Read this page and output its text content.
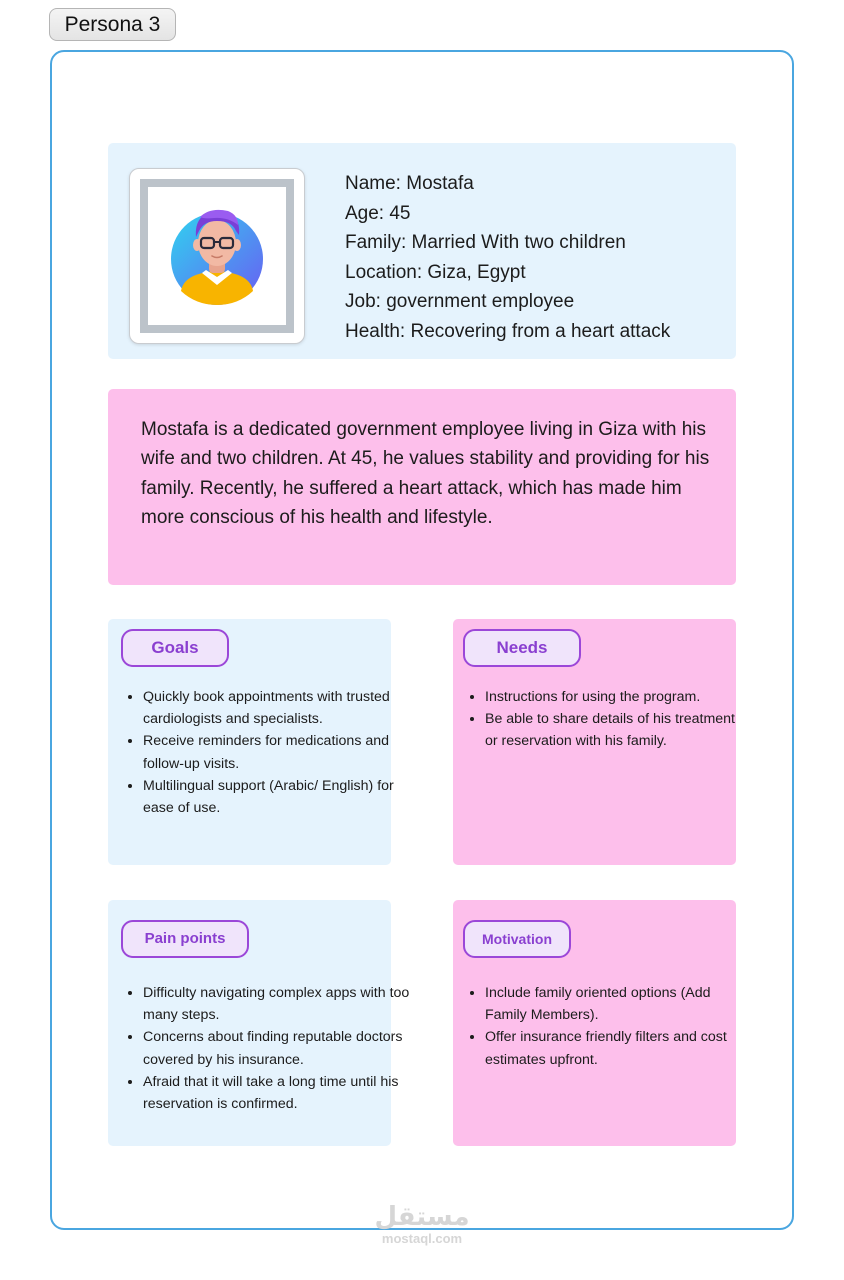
Persona 3
Name: Mostafa
Age: 45
Family: Married With two children
Location: Giza, Egypt
Job: government employee
Health: Recovering from a heart attack
Mostafa is a dedicated government employee living in Giza with his wife and two children. At 45, he values stability and providing for his family. Recently, he suffered a heart attack, which has made him more conscious of his health and lifestyle.
Goals
• Quickly book appointments with trusted cardiologists and specialists.
• Receive reminders for medications and follow-up visits.
• Multilingual support (Arabic/ English) for ease of use.
Needs
• Instructions for using the program.
• Be able to share details of his treatment or reservation with his family.
Pain points
• Difficulty navigating complex apps with too many steps.
• Concerns about finding reputable doctors covered by his insurance.
• Afraid that it will take a long time until his reservation is confirmed.
Motivation
• Include family oriented options (Add Family Members).
• Offer insurance friendly filters and cost estimates upfront.
مستقل
mostaql.com
